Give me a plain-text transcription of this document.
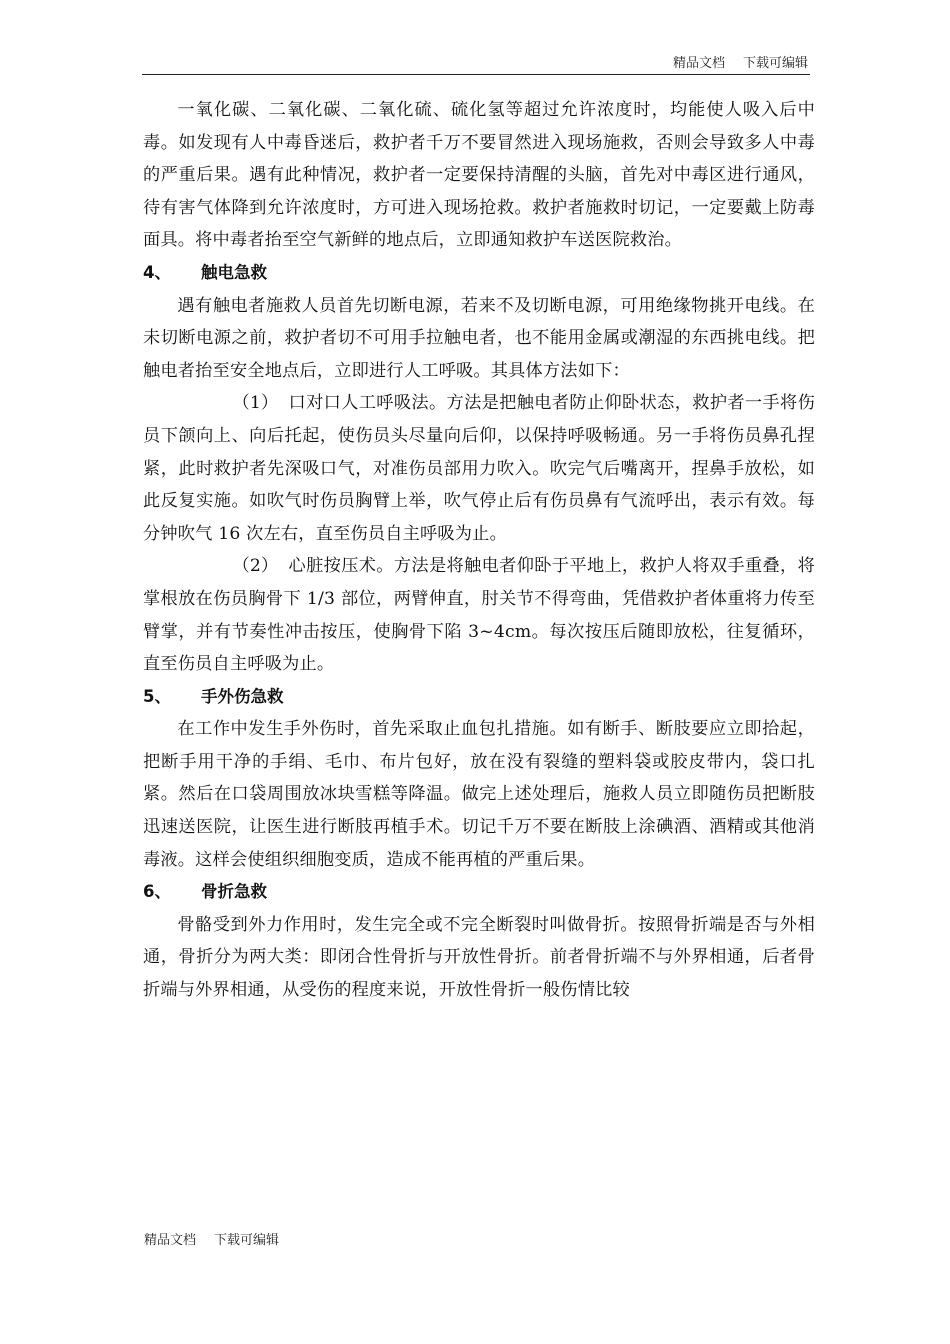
精品文档 下载可编辑

一氧化碳、二氧化碳、二氧化硫、硫化氢等超过允许浓度时，均能使人吸入后中毒。如发现有人中毒昏迷后，救护者千万不要冒然进入现场施救，否则会导致多人中毒的严重后果。遇有此种情况，救护者一定要保持清醒的头脑，首先对中毒区进行通风，待有害气体降到允许浓度时，方可进入现场抢救。救护者施救时切记，一定要戴上防毒面具。将中毒者抬至空气新鲜的地点后，立即通知救护车送医院救治。

4、 触电急救

遇有触电者施救人员首先切断电源，若来不及切断电源，可用绝缘物挑开电线。在未切断电源之前，救护者切不可用手拉触电者，也不能用金属或潮湿的东西挑电线。把触电者抬至安全地点后，立即进行人工呼吸。其具体方法如下：

（1） 口对口人工呼吸法。方法是把触电者防止仰卧状态，救护者一手将伤员下颌向上、向后托起，使伤员头尽量向后仰，以保持呼吸畅通。另一手将伤员鼻孔捏紧，此时救护者先深吸口气，对准伤员部用力吹入。吹完气后嘴离开，捏鼻手放松，如此反复实施。如吹气时伤员胸臂上举，吹气停止后有伤员鼻有气流呼出，表示有效。每分钟吹气 16 次左右，直至伤员自主呼吸为止。

（2） 心脏按压术。方法是将触电者仰卧于平地上，救护人将双手重叠，将掌根放在伤员胸骨下 1/3 部位，两臂伸直，肘关节不得弯曲，凭借救护者体重将力传至臂掌，并有节奏性冲击按压，使胸骨下陷 3~4cm。每次按压后随即放松，往复循环，直至伤员自主呼吸为止。

5、 手外伤急救

在工作中发生手外伤时，首先采取止血包扎措施。如有断手、断肢要应立即拾起，把断手用干净的手绢、毛巾、布片包好，放在没有裂缝的塑料袋或胶皮带内，袋口扎紧。然后在口袋周围放冰块雪糕等降温。做完上述处理后，施救人员立即随伤员把断肢迅速送医院，让医生进行断肢再植手术。切记千万不要在断肢上涂碘酒、酒精或其他消毒液。这样会使组织细胞变质，造成不能再植的严重后果。

6、 骨折急救

骨骼受到外力作用时，发生完全或不完全断裂时叫做骨折。按照骨折端是否与外相通，骨折分为两大类：即闭合性骨折与开放性骨折。前者骨折端不与外界相通，后者骨折端与外界相通，从受伤的程度来说，开放性骨折一般伤情比较

精品文档 下载可编辑
